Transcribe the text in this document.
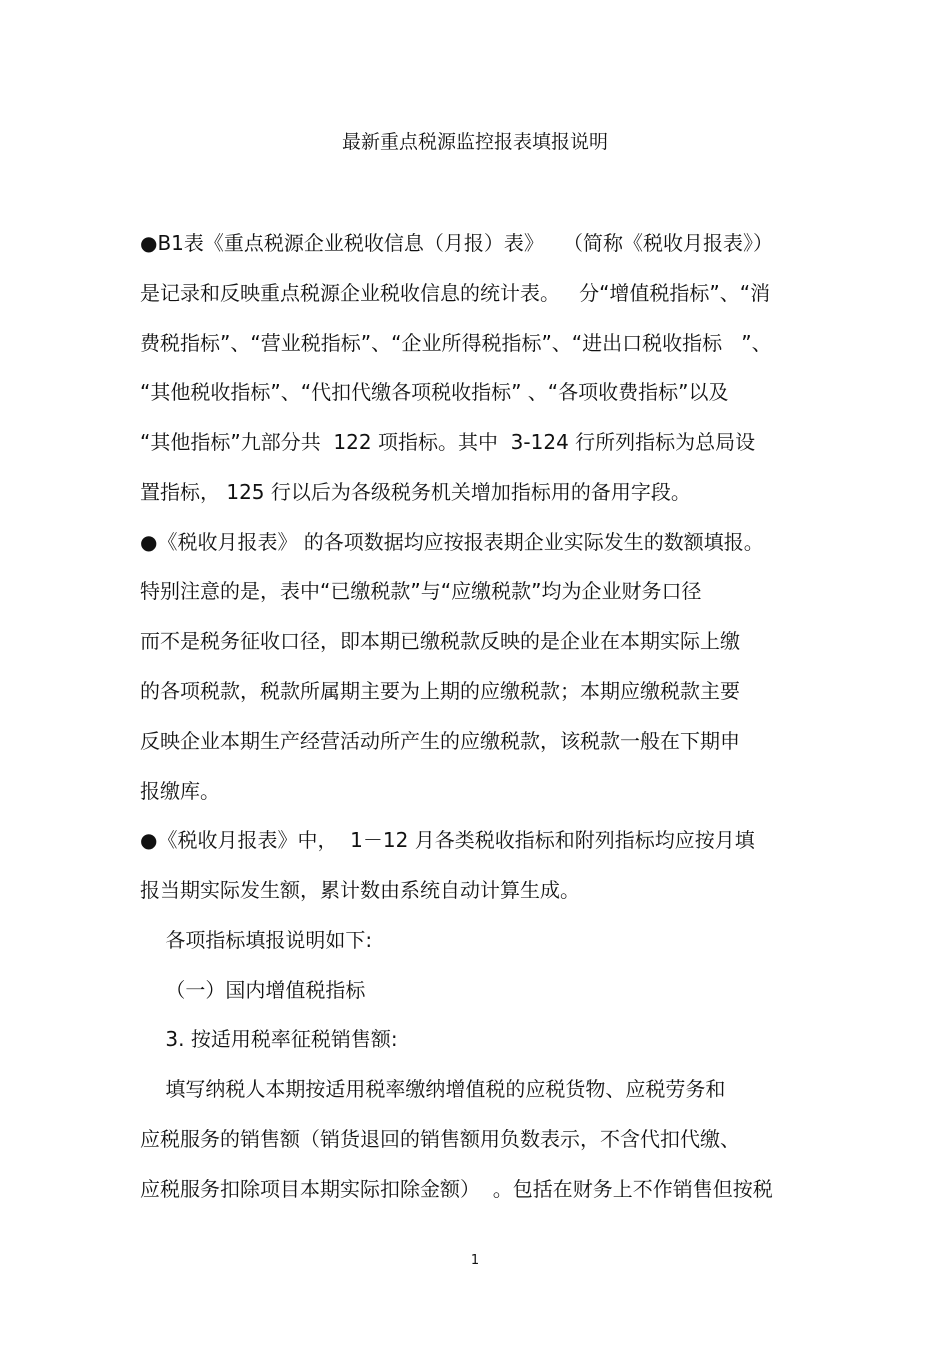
最新重点税源监控报表填报说明
●B1表《重点税源企业税收信息（月报）表》   （简称《税收月报表》）
是记录和反映重点税源企业税收信息的统计表。   分“增值税指标”、“消
费税指标”、“营业税指标”、“企业所得税指标”、“进出口税收指标   ”、
“其他税收指标”、“代扣代缴各项税收指标” 、“各项收费指标”以及
“其他指标”九部分共  122 项指标。其中  3-124 行所列指标为总局设
置指标， 125 行以后为各级税务机关增加指标用的备用字段。
●《税收月报表》 的各项数据均应按报表期企业实际发生的数额填报。
特别注意的是，表中“已缴税款”与“应缴税款”均为企业财务口径
而不是税务征收口径，即本期已缴税款反映的是企业在本期实际上缴
的各项税款，税款所属期主要为上期的应缴税款；本期应缴税款主要
反映企业本期生产经营活动所产生的应缴税款，该税款一般在下期申
报缴库。
●《税收月报表》中，  1－12 月各类税收指标和附列指标均应按月填
报当期实际发生额，累计数由系统自动计算生成。
各项指标填报说明如下:
（一）国内增值税指标
3. 按适用税率征税销售额:
填写纳税人本期按适用税率缴纳增值税的应税货物、应税劳务和
应税服务的销售额（销货退回的销售额用负数表示，不含代扣代缴、
应税服务扣除项目本期实际扣除金额）  。包括在财务上不作销售但按税
1
